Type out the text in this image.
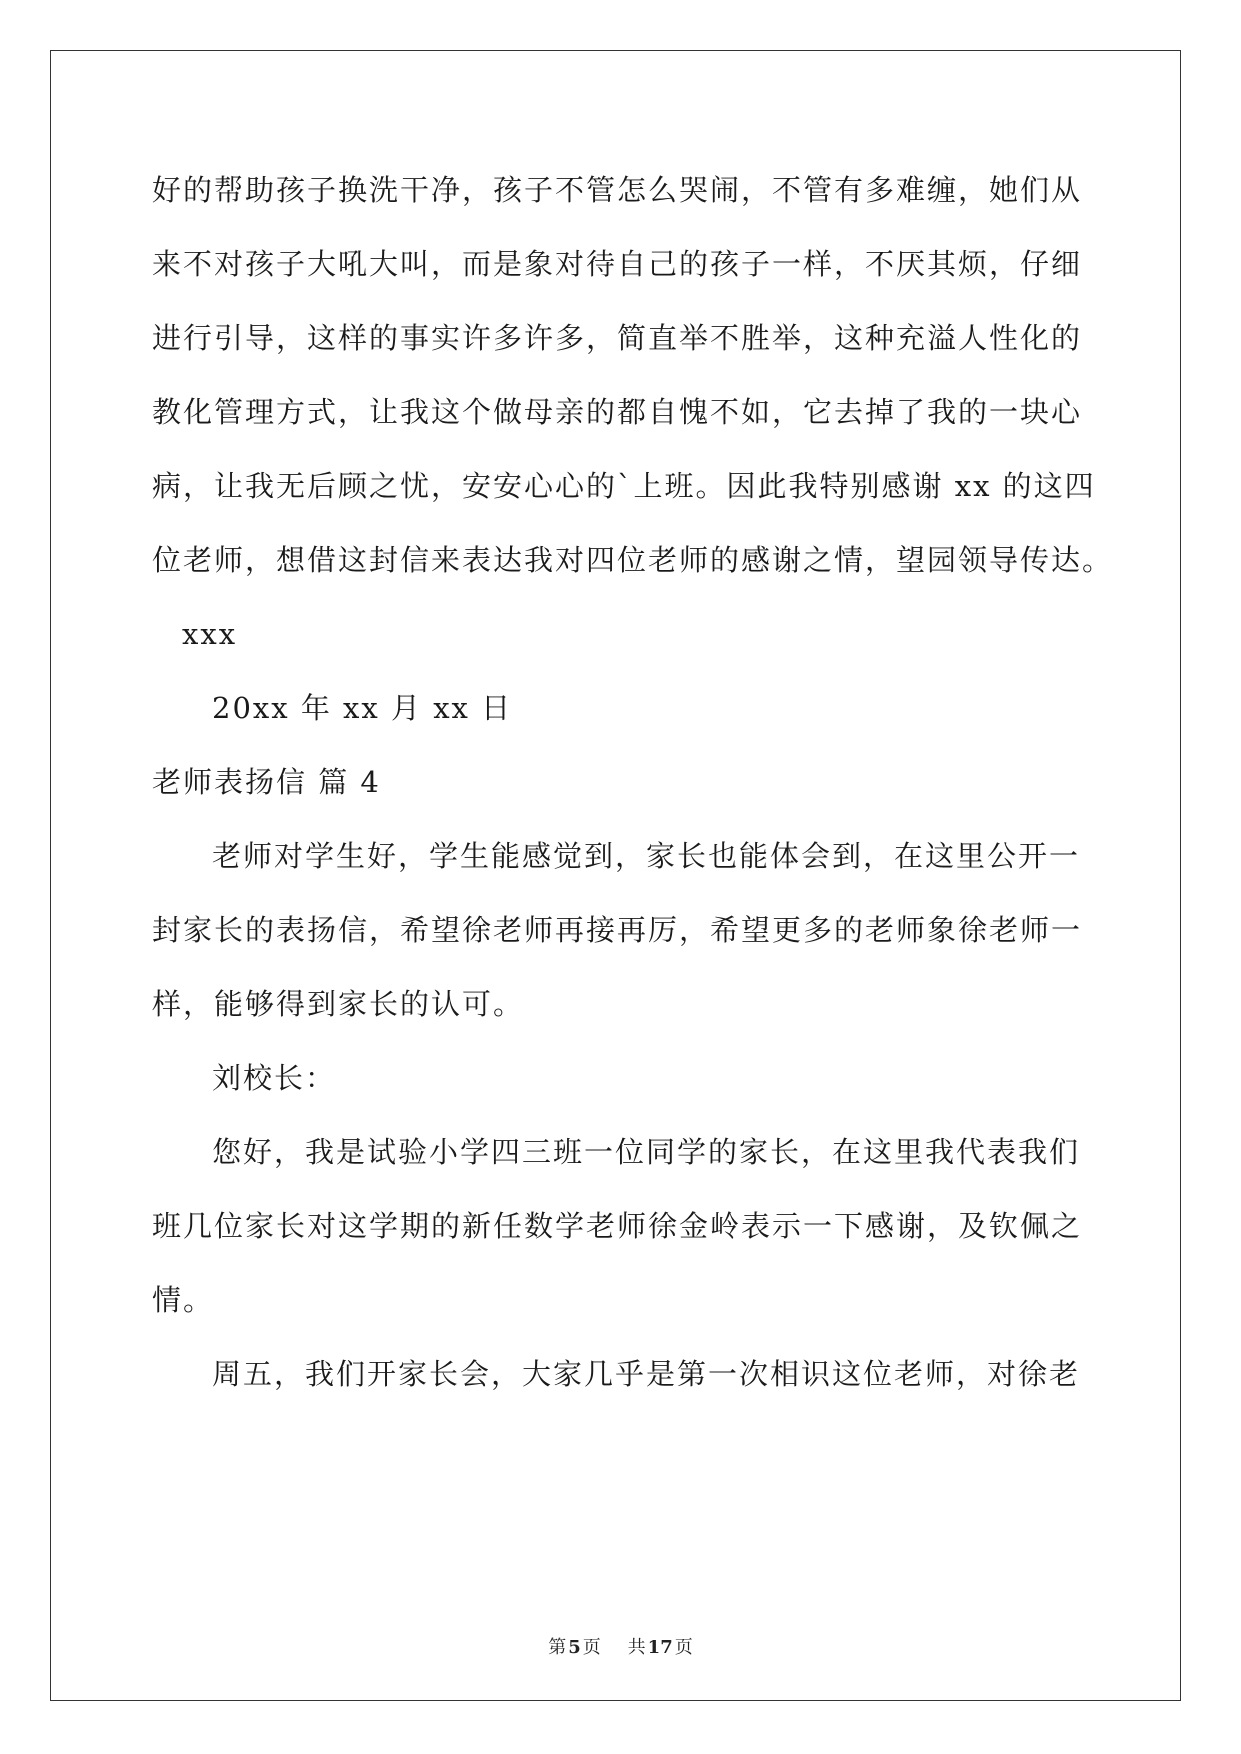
好的帮助孩子换洗干净，孩子不管怎么哭闹，不管有多难缠，她们从
来不对孩子大吼大叫，而是象对待自己的孩子一样，不厌其烦，仔细
进行引导，这样的事实许多许多，简直举不胜举，这种充溢人性化的
教化管理方式，让我这个做母亲的都自愧不如，它去掉了我的一块心
病，让我无后顾之忧，安安心心的`上班。因此我特别感谢 xx 的这四
位老师，想借这封信来表达我对四位老师的感谢之情，望园领导传达。
xxx
20xx 年 xx 月 xx 日
老师表扬信 篇 4
老师对学生好，学生能感觉到，家长也能体会到，在这里公开一
封家长的表扬信，希望徐老师再接再厉，希望更多的老师象徐老师一
样，能够得到家长的认可。
刘校长：
您好，我是试验小学四三班一位同学的家长，在这里我代表我们
班几位家长对这学期的新任数学老师徐金岭表示一下感谢，及钦佩之
情。
周五，我们开家长会，大家几乎是第一次相识这位老师，对徐老
第 5 页 共 17 页
